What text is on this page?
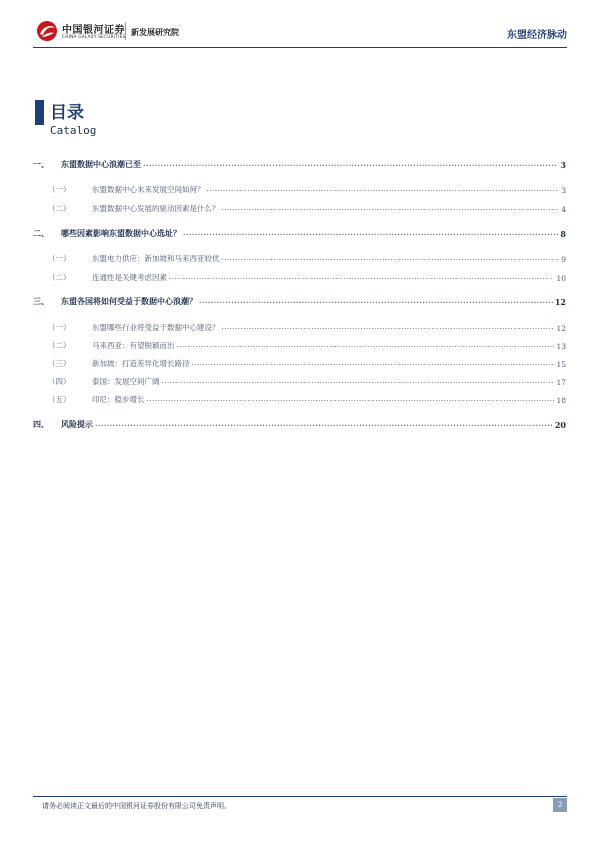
中国银河证券
CHINA GALAXY SECURITIES
新发展研究院	东盟经济脉动
目录
Catalog
一、	东盟数据中心浪潮已至 .....	3
（一）	东盟数据中心未来发展空间如何？ .....	3
（二）	东盟数据中心发展的驱动因素是什么？ .....	4
二、	哪些因素影响东盟数据中心选址？ .....	8
（一）	东盟电力供应：新加坡和马来西亚较优 .....	9
（二）	连通性是关键考虑因素 .....	10
三、	东盟各国将如何受益于数据中心浪潮？ .....	12
（一）	东盟哪些行业将受益于数据中心建设？ .....	12
（二）	马来西亚：有望脱颖而出 .....	13
（三）	新加坡：打造差异化增长路径 .....	15
（四）	泰国：发展空间广阔 .....	17
（五）	印尼：稳步增长 .....	18
四、	风险提示 .....	20
请务必阅读正文最后的中国银河证券股份有限公司免责声明。	2
